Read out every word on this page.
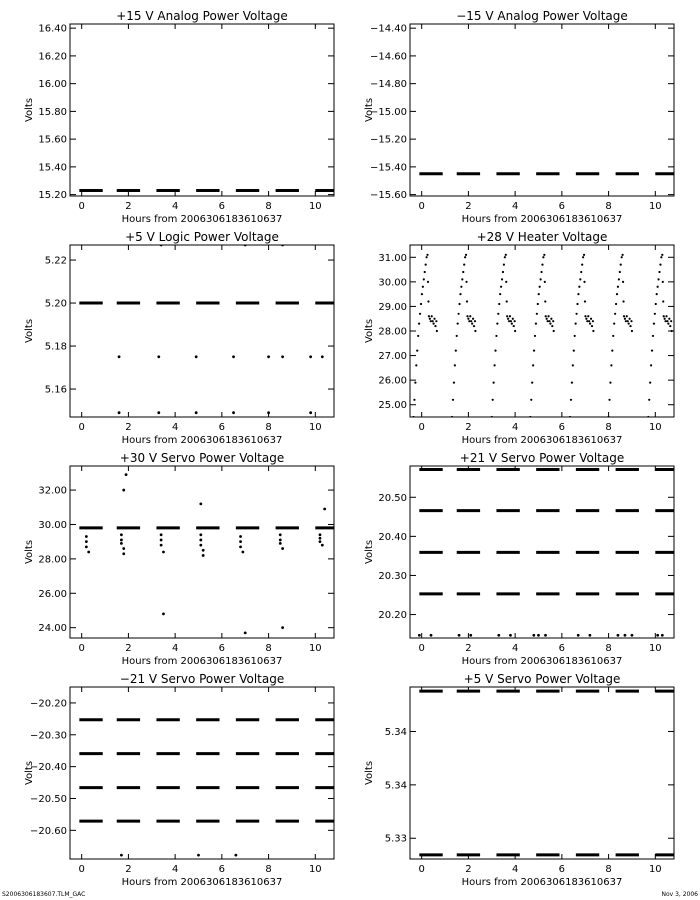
+15 V Analog Power Voltage
Hours from 2006306183610637
Volts
0	2	4	6	8	10
15.20
15.40
15.60
15.80
16.00
16.20
16.40
−15 V Analog Power Voltage
Hours from 2006306183610637
Volts
0	2	4	6	8	10
−15.60
−15.40
−15.20
−15.00
−14.80
−14.60
−14.40
+5 V Logic Power Voltage
Hours from 2006306183610637
Volts
0	2	4	6	8	10
5.16
5.18
5.20
5.22
+28 V Heater Voltage
Hours from 2006306183610637
Volts
0	2	4	6	8	10
25.00
26.00
27.00
28.00
29.00
30.00
31.00
+30 V Servo Power Voltage
Hours from 2006306183610637
Volts
0	2	4	6	8	10
24.00
26.00
28.00
30.00
32.00
+21 V Servo Power Voltage
Hours from 2006306183610637
Volts
0	2	4	6	8	10
20.20
20.30
20.40
20.50
−21 V Servo Power Voltage
Hours from 2006306183610637
Volts
0	2	4	6	8	10
−20.60
−20.50
−20.40
−20.30
−20.20
+5 V Servo Power Voltage
Hours from 2006306183610637
Volts
0	2	4	6	8	10
5.33
5.34
5.34
S2006306183607.TLM_GAC	Nov 3, 2006
